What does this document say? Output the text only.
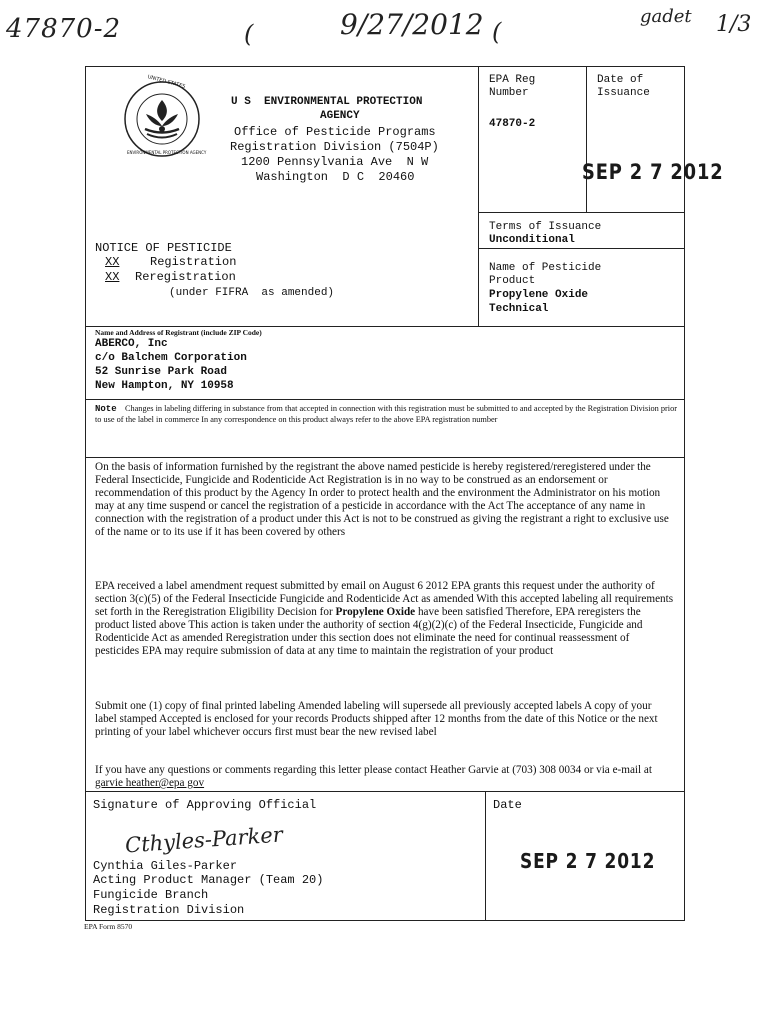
47870-2	(	9/27/2012 (
gadet 1/3
UNITED STATES
ENVIRONMENTAL PROTECTION AGENCY
U S  ENVIRONMENTAL PROTECTION
AGENCY
Office of Pesticide Programs
Registration Division (7504P)
1200 Pennsylvania Ave  N W
Washington  D C  20460
EPA Reg
Number
47870-2
Date of
Issuance
SEP 2 7 2012
Terms of Issuance
Unconditional
Name of Pesticide
Product
Propylene Oxide
Technical
NOTICE OF PESTICIDE
XX	Registration
XX Reregistration
(under FIFRA  as amended)
Name and Address of Registrant (include ZIP Code)
ABERCO, Inc
c/o Balchem Corporation
52 Sunrise Park Road
New Hampton, NY 10958
Note Changes in labeling differing in substance from that accepted in connection with this registration must be submitted to and accepted by the Registration Division prior to use of the label in commerce In any correspondence on this product always refer to the above EPA registration number
On the basis of information furnished by the registrant the above named pesticide is hereby registered/reregistered under the Federal Insecticide, Fungicide and Rodenticide Act Registration is in no way to be construed as an endorsement or recommendation of this product by the Agency In order to protect health and the environment the Administrator on his motion may at any time suspend or cancel the registration of a pesticide in accordance with the Act The acceptance of any name in connection with the registration of a product under this Act is not to be construed as giving the registrant a right to exclusive use of the name or to its use if it has been covered by others
EPA received a label amendment request submitted by email on August 6 2012 EPA grants this request under the authority of section 3(c)(5) of the Federal Insecticide Fungicide and Rodenticide Act as amended With this accepted labeling all requirements set forth in the Reregistration Eligibility Decision for Propylene Oxide have been satisfied Therefore, EPA reregisters the product listed above This action is taken under the authority of section 4(g)(2)(c) of the Federal Insecticide, Fungicide and Rodenticide Act as amended Reregistration under this section does not eliminate the need for continual reassessment of pesticides EPA may require submission of data at any time to maintain the registration of your product
Submit one (1) copy of final printed labeling Amended labeling will supersede all previously accepted labels A copy of your label stamped Accepted is enclosed for your records Products shipped after 12 months from the date of this Notice or the next printing of your label whichever occurs first must bear the new revised label
If you have any questions or comments regarding this letter please contact Heather Garvie at (703) 308 0034 or via e-mail at garvie heather@epa gov
Signature of Approving Official
Cthyles-Parker
Cynthia Giles-Parker
Acting Product Manager (Team 20)
Fungicide Branch
Registration Division
Date
SEP 2 7 2012
EPA Form 8570
